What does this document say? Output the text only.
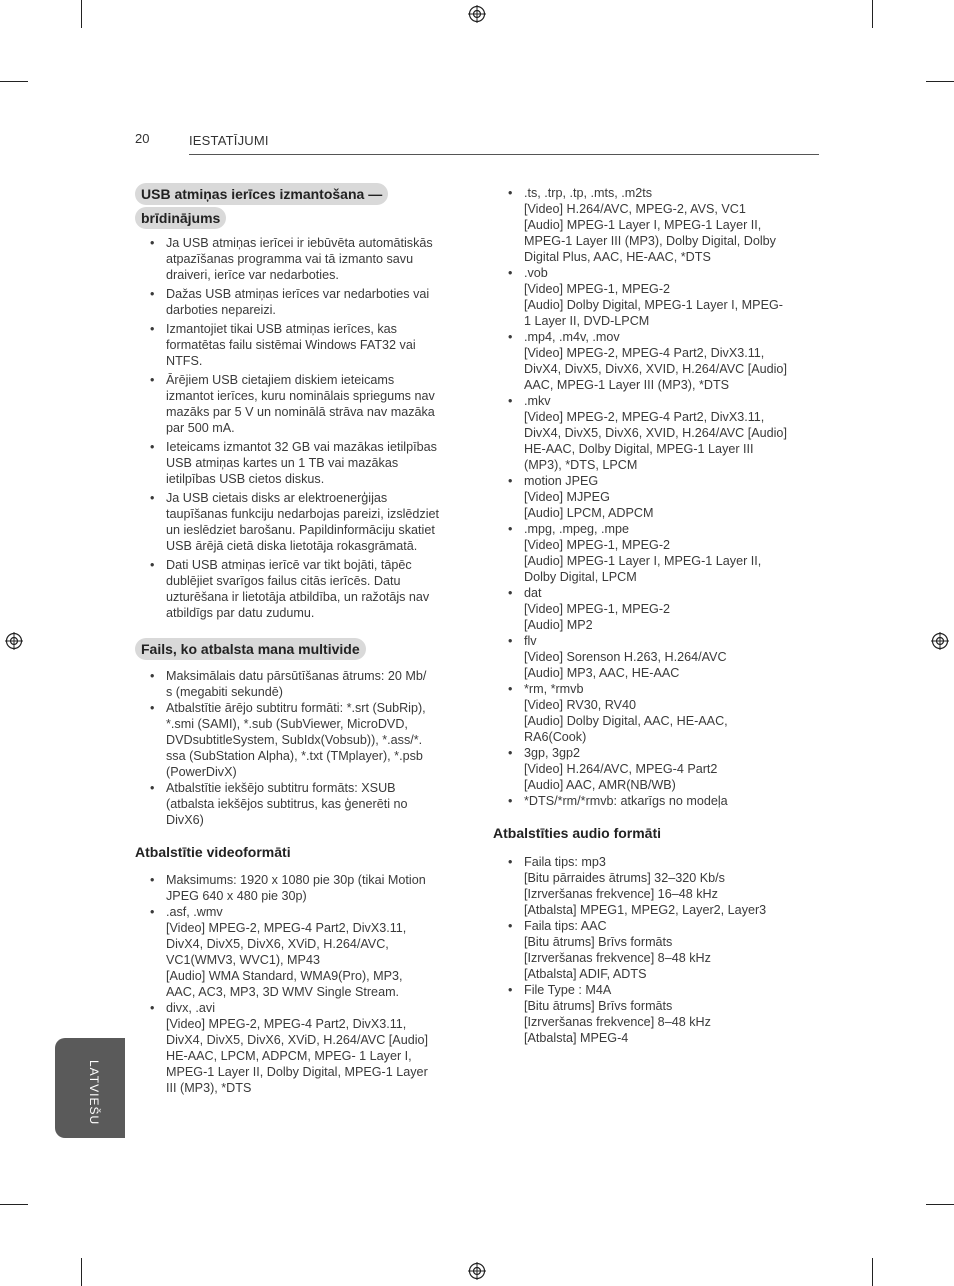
20	IESTATĪJUMI
LATVIEŠU
USB atmiņas ierīces izmantošana —
brīdinājums
• Ja USB atmiņas ierīcei ir iebūvēta automātiskās
atpazīšanas programma vai tā izmanto savu
draiveri, ierīce var nedarboties.
• Dažas USB atmiņas ierīces var nedarboties vai
darboties nepareizi.
• Izmantojiet tikai USB atmiņas ierīces, kas
formatētas failu sistēmai Windows FAT32 vai
NTFS.
• Ārējiem USB cietajiem diskiem ieteicams
izmantot ierīces, kuru nominālais spriegums nav
mazāks par 5 V un nominālā strāva nav mazāka
par 500 mA.
• Ieteicams izmantot 32 GB vai mazākas ietilpības
USB atmiņas kartes un 1 TB vai mazākas
ietilpības USB cietos diskus.
• Ja USB cietais disks ar elektroenerģijas
taupīšanas funkciju nedarbojas pareizi, izslēdziet
un ieslēdziet barošanu. Papildinformāciju skatiet
USB ārējā cietā diska lietotāja rokasgrāmatā.
• Dati USB atmiņas ierīcē var tikt bojāti, tāpēc
dublējiet svarīgos failus citās ierīcēs. Datu
uzturēšana ir lietotāja atbildība, un ražotājs nav
atbildīgs par datu zudumu.
Fails, ko atbalsta mana multivide
• Maksimālais datu pārsūtīšanas ātrums: 20 Mb/
s (megabiti sekundē)
• Atbalstītie ārējo subtitru formāti: *.srt (SubRip),
*.smi (SAMI), *.sub (SubViewer, MicroDVD,
DVDsubtitleSystem, SubIdx(Vobsub)), *.ass/*.
ssa (SubStation Alpha), *.txt (TMplayer), *.psb
(PowerDivX)
• Atbalstītie iekšējo subtitru formāts: XSUB
(atbalsta iekšējos subtitrus, kas ģenerēti no
DivX6)
Atbalstītie videoformāti
• Maksimums: 1920 x 1080 pie 30p (tikai Motion
JPEG 640 x 480 pie 30p)
• .asf, .wmv
[Video] MPEG-2, MPEG-4 Part2, DivX3.11,
DivX4, DivX5, DivX6, XViD, H.264/AVC,
VC1(WMV3, WVC1), MP43
[Audio] WMA Standard, WMA9(Pro), MP3,
AAC, AC3, MP3, 3D WMV Single Stream.
• divx, .avi
[Video] MPEG-2, MPEG-4 Part2, DivX3.11,
DivX4, DivX5, DivX6, XViD, H.264/AVC [Audio]
HE-AAC, LPCM, ADPCM, MPEG- 1 Layer I,
MPEG-1 Layer II, Dolby Digital, MPEG-1 Layer
III (MP3), *DTS
• .ts, .trp, .tp, .mts, .m2ts
[Video] H.264/AVC, MPEG-2, AVS, VC1
[Audio] MPEG-1 Layer I, MPEG-1 Layer II,
MPEG-1 Layer III (MP3), Dolby Digital, Dolby
Digital Plus, AAC, HE-AAC, *DTS
• .vob
[Video] MPEG-1, MPEG-2
[Audio] Dolby Digital, MPEG-1 Layer I, MPEG-
1 Layer II, DVD-LPCM
• .mp4, .m4v, .mov
[Video] MPEG-2, MPEG-4 Part2, DivX3.11,
DivX4, DivX5, DivX6, XVID, H.264/AVC [Audio]
AAC, MPEG-1 Layer III (MP3), *DTS
• .mkv
[Video] MPEG-2, MPEG-4 Part2, DivX3.11,
DivX4, DivX5, DivX6, XVID, H.264/AVC [Audio]
HE-AAC, Dolby Digital, MPEG-1 Layer III
(MP3), *DTS, LPCM
• motion JPEG
[Video] MJPEG
[Audio] LPCM, ADPCM
• .mpg, .mpeg, .mpe
[Video] MPEG-1, MPEG-2
[Audio] MPEG-1 Layer I, MPEG-1 Layer II,
Dolby Digital, LPCM
• dat
[Video] MPEG-1, MPEG-2
[Audio] MP2
• flv
[Video] Sorenson H.263, H.264/AVC
[Audio] MP3, AAC, HE-AAC
• *rm, *rmvb
[Video] RV30, RV40
[Audio] Dolby Digital, AAC, HE-AAC,
RA6(Cook)
• 3gp, 3gp2
[Video] H.264/AVC, MPEG-4 Part2
[Audio] AAC, AMR(NB/WB)
• *DTS/*rm/*rmvb: atkarīgs no modeļa
Atbalstīties audio formāti
• Faila tips: mp3
[Bitu pārraides ātrums] 32–320 Kb/s
[Izrveršanas frekvence] 16–48 kHz
[Atbalsta] MPEG1, MPEG2, Layer2, Layer3
• Faila tips: AAC
[Bitu ātrums] Brīvs formāts
[Izrveršanas frekvence] 8–48 kHz
[Atbalsta] ADIF, ADTS
• File Type : M4A
[Bitu ātrums] Brīvs formāts
[Izrveršanas frekvence] 8–48 kHz
[Atbalsta] MPEG-4
